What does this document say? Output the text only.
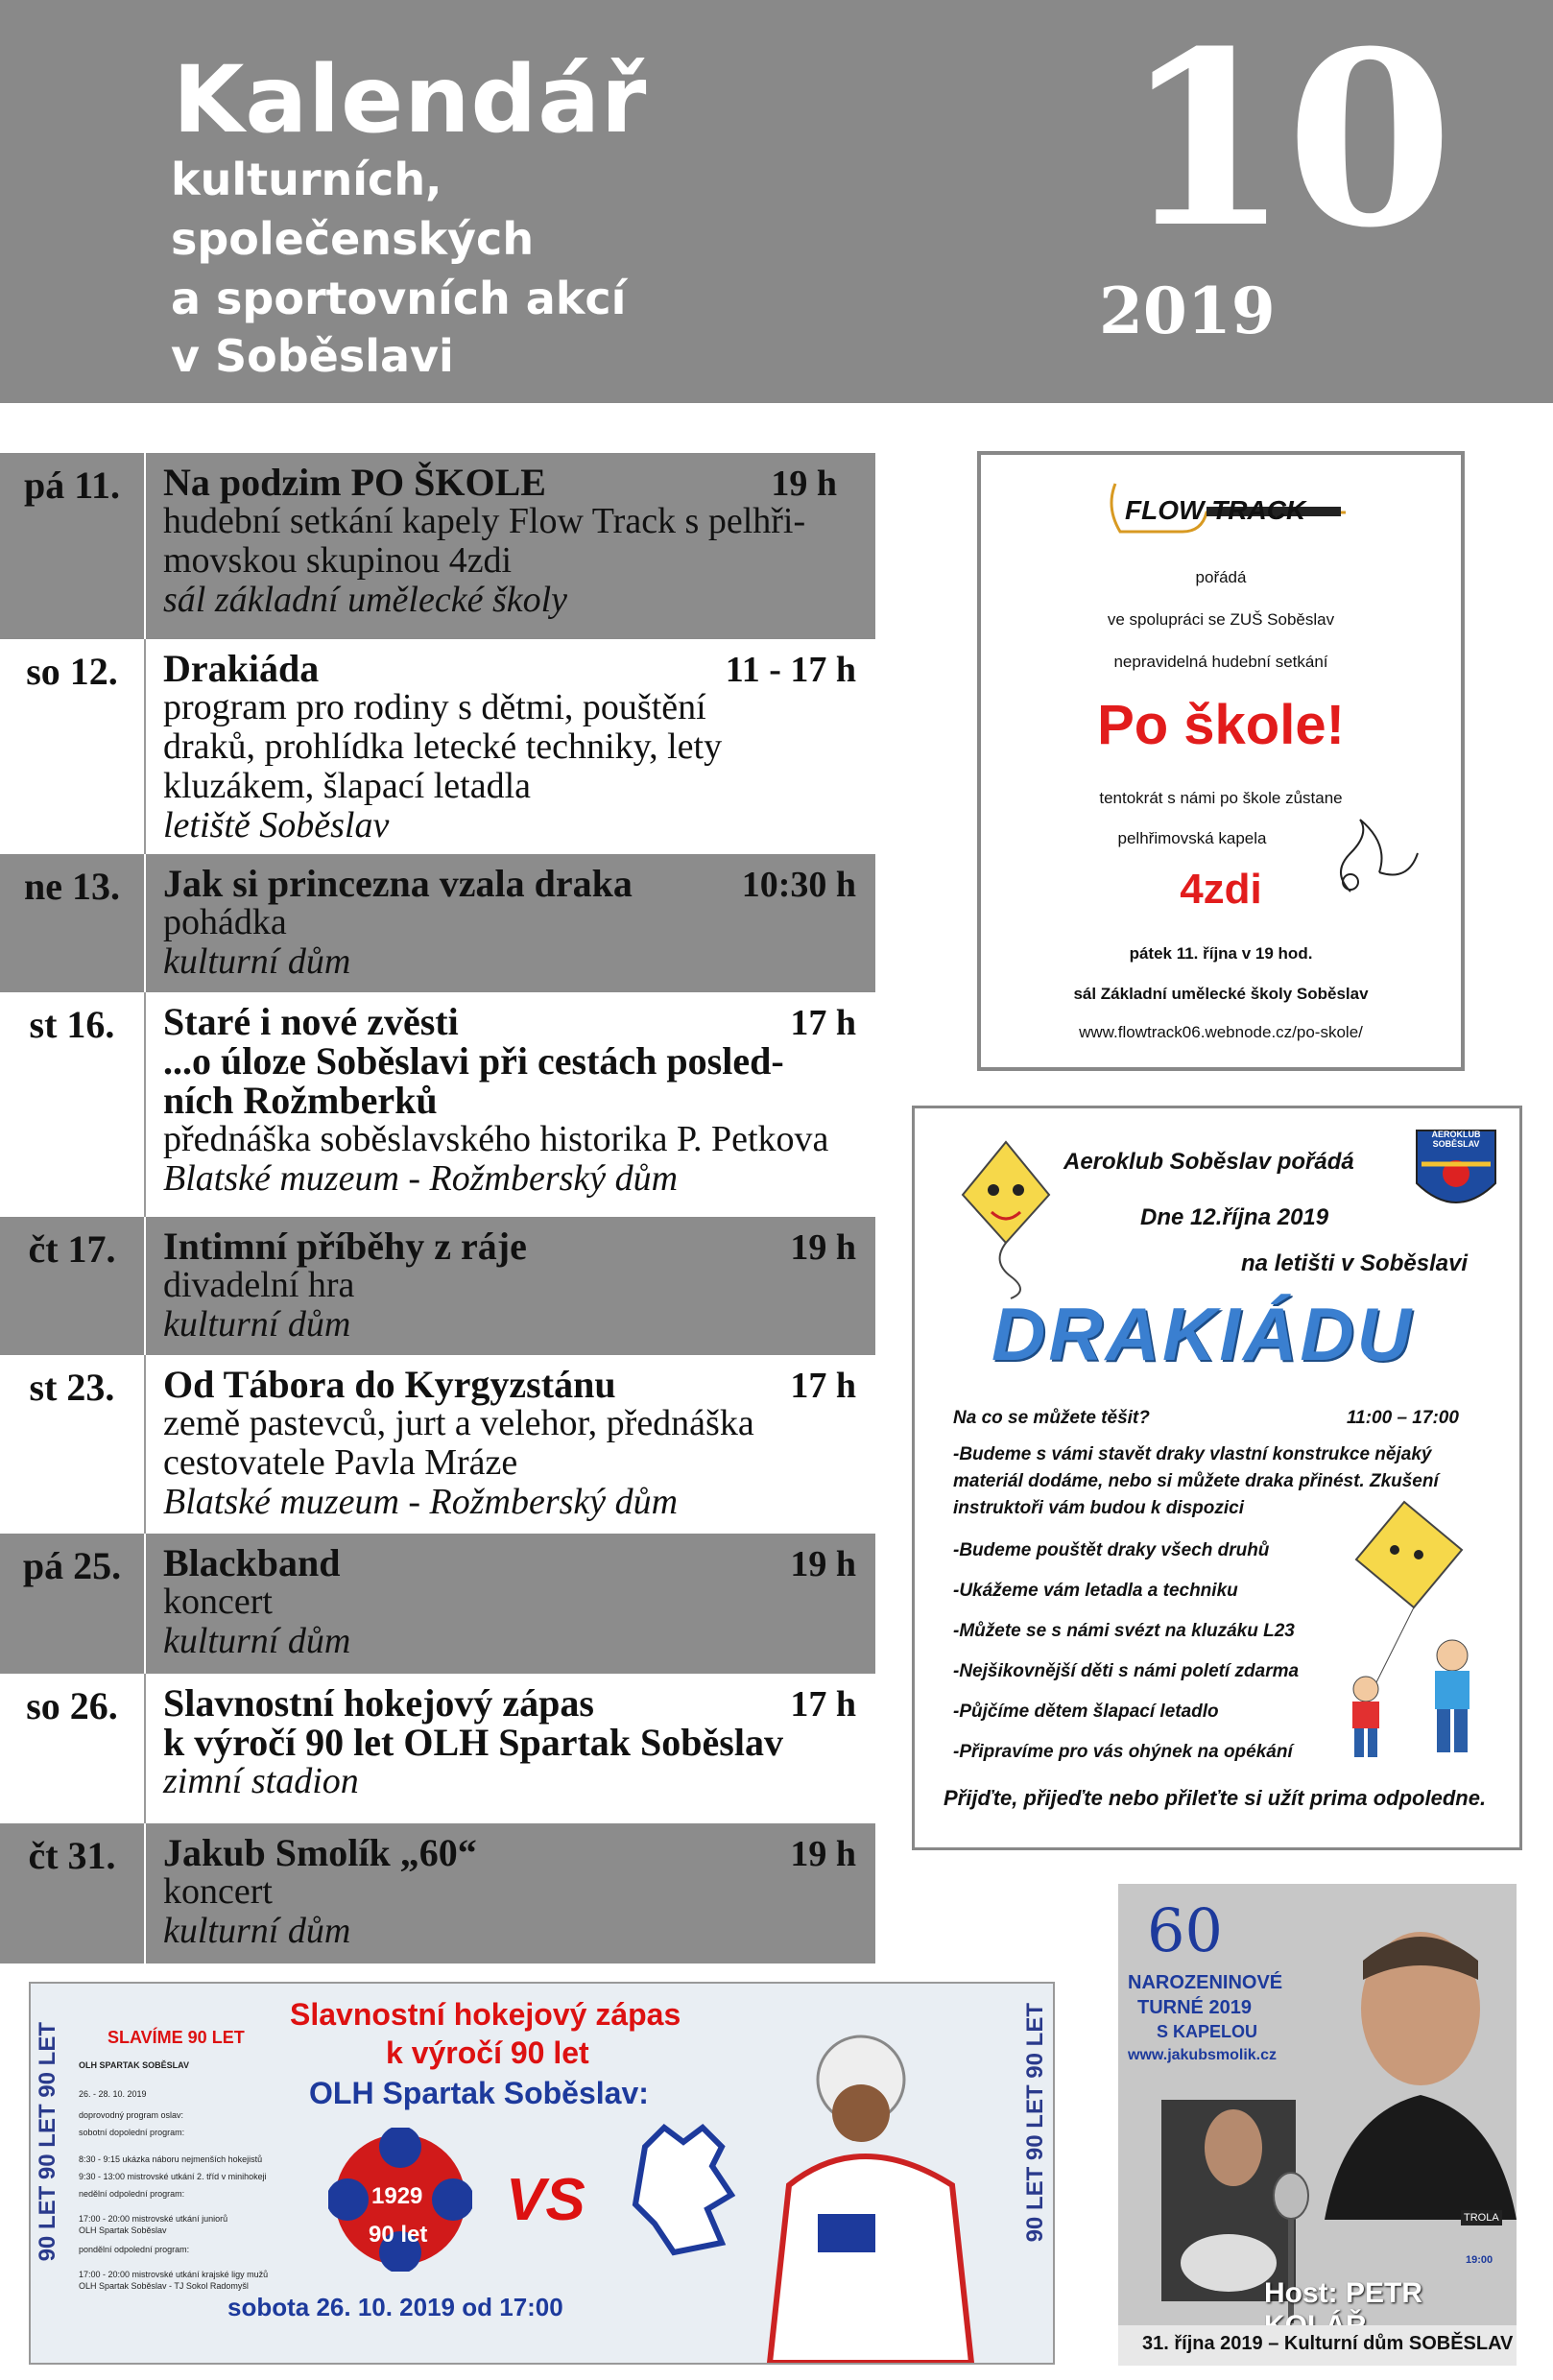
Kalendář
kulturních,
společenských
a sportovních akcí
v Soběslavi
10
2019
pá 11.	19 h
Na podzim PO ŠKOLE
hudební setkání kapely Flow Track s pelhři-
movskou skupinou 4zdi
sál základní umělecké školy
so 12.	11 - 17 h
Drakiáda
program pro rodiny s dětmi, pouštění
draků, prohlídka letecké techniky, lety
kluzákem, šlapací letadla
letiště Soběslav
ne 13.	10:30 h
Jak si princezna vzala draka
pohádka
kulturní dům
st 16.	17 h
Staré i nové zvěsti
...o úloze Soběslavi při cestách posled-
ních Rožmberků
přednáška soběslavského historika P. Petkova
Blatské muzeum - Rožmberský dům
čt 17.	19 h
Intimní příběhy z ráje
divadelní hra
kulturní dům
st 23.	17 h
Od Tábora do Kyrgyzstánu
země pastevců, jurt a velehor, přednáška
cestovatele Pavla Mráze
Blatské muzeum - Rožmberský dům
pá 25.	19 h
Blackband
koncert
kulturní dům
so 26.	17 h
Slavnostní hokejový zápas
k výročí 90 let OLH Spartak Soběslav
zimní stadion
čt 31.	19 h
Jakub Smolík „60“
koncert
kulturní dům
FLOW TRACK
pořádá
ve spolupráci se ZUŠ Soběslav
nepravidelná hudební setkání
Po škole!
tentokrát s námi po škole zůstane
pelhřimovská kapela
4zdi
pátek 11. října v 19 hod.
sál Základní umělecké školy Soběslav
www.flowtrack06.webnode.cz/po-skole/
Aeroklub Soběslav pořádá
Dne 12.října 2019
na letišti v Soběslavi
AEROKLUB SOBĚSLAV
DRAKIÁDU
Na co se můžete těšit?	11:00 – 17:00
-Budeme s vámi stavět draky vlastní konstrukce nějaký
materiál dodáme, nebo si můžete draka přinést. Zkušení
instruktoři vám budou k dispozici
-Budeme pouštět draky všech druhů
-Ukážeme vám letadla a techniku
-Můžete se s námi svézt na kluzáku L23
-Nejšikovnější děti s námi poletí zdarma
-Půjčíme dětem šlapací letadlo
-Připravíme pro vás ohýnek na opékání
Přijďte, přijeďte nebo přileťte si užít prima odpoledne.
90 LET 90 LET 90 LET	90 LET 90 LET 90 LET
Slavnostní hokejový zápas
k výročí 90 let
OLH Spartak Soběslav:
SLAVÍME 90 LET
OLH SPARTAK SOBĚSLAV
26. - 28. 10. 2019
doprovodný program oslav:
sobotní dopolední program:
8:30 - 9:15 ukázka náboru nejmenších hokejistů
9:30 - 13:00 mistrovské utkání 2. tříd v minihokeji
nedělní odpolední program:
17:00 - 20:00 mistrovské utkání juniorů
OLH Spartak Soběslav
pondělní odpolední program:
17:00 - 20:00 mistrovské utkání krajské ligy mužů
OLH Spartak Soběslav - TJ Sokol Radomyšl
1929
90 let
VS
sobota 26. 10. 2019 od 17:00
60
NAROZENINOVÉ
TURNÉ 2019
S KAPELOU
www.jakubsmolik.cz
TROLA
19:00
Host: PETR
31. října 2019 – Kulturní dům SOBĚSLAV
